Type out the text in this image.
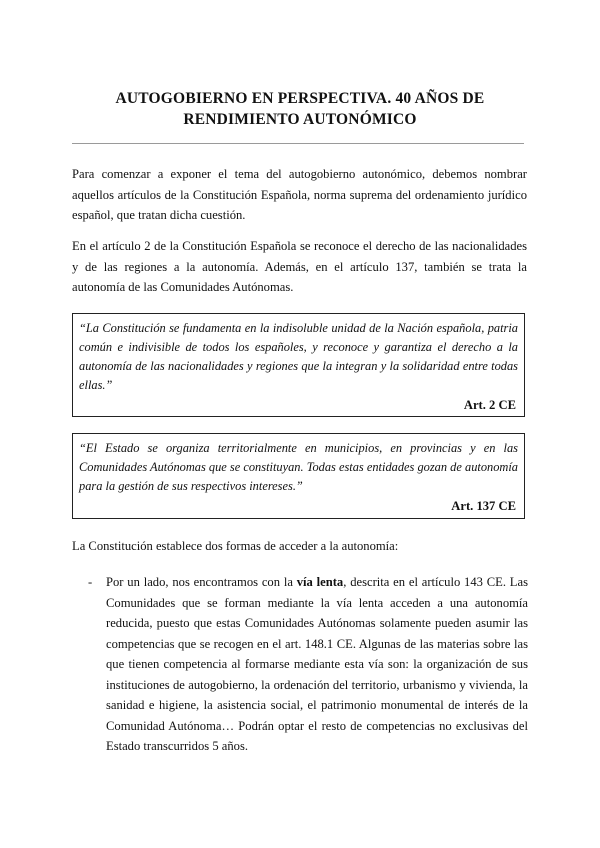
AUTOGOBIERNO EN PERSPECTIVA. 40 AÑOS DE
RENDIMIENTO AUTONÓMICO

Para comenzar a exponer el tema del autogobierno autonómico, debemos nombrar aquellos artículos de la Constitución Española, norma suprema del ordenamiento jurídico español, que tratan dicha cuestión.

En el artículo 2 de la Constitución Española se reconoce el derecho de las nacionalidades y de las regiones a la autonomía. Además, en el artículo 137, también se trata la autonomía de las Comunidades Autónomas.

“La Constitución se fundamenta en la indisoluble unidad de la Nación española, patria común e indivisible de todos los españoles, y reconoce y garantiza el derecho a la autonomía de las nacionalidades y regiones que la integran y la solidaridad entre todas ellas.”

Art. 2 CE

“El Estado se organiza territorialmente en municipios, en provincias y en las Comunidades Autónomas que se constituyan. Todas estas entidades gozan de autonomía para la gestión de sus respectivos intereses.”

Art. 137 CE

La Constitución establece dos formas de acceder a la autonomía:

- Por un lado, nos encontramos con la vía lenta, descrita en el artículo 143 CE. Las Comunidades que se forman mediante la vía lenta acceden a una autonomía reducida, puesto que estas Comunidades Autónomas solamente pueden asumir las competencias que se recogen en el art. 148.1 CE. Algunas de las materias sobre las que tienen competencia al formarse mediante esta vía son: la organización de sus instituciones de autogobierno, la ordenación del territorio, urbanismo y vivienda, la sanidad e higiene, la asistencia social, el patrimonio monumental de interés de la Comunidad Autónoma… Podrán optar el resto de competencias no exclusivas del Estado transcurridos 5 años.
